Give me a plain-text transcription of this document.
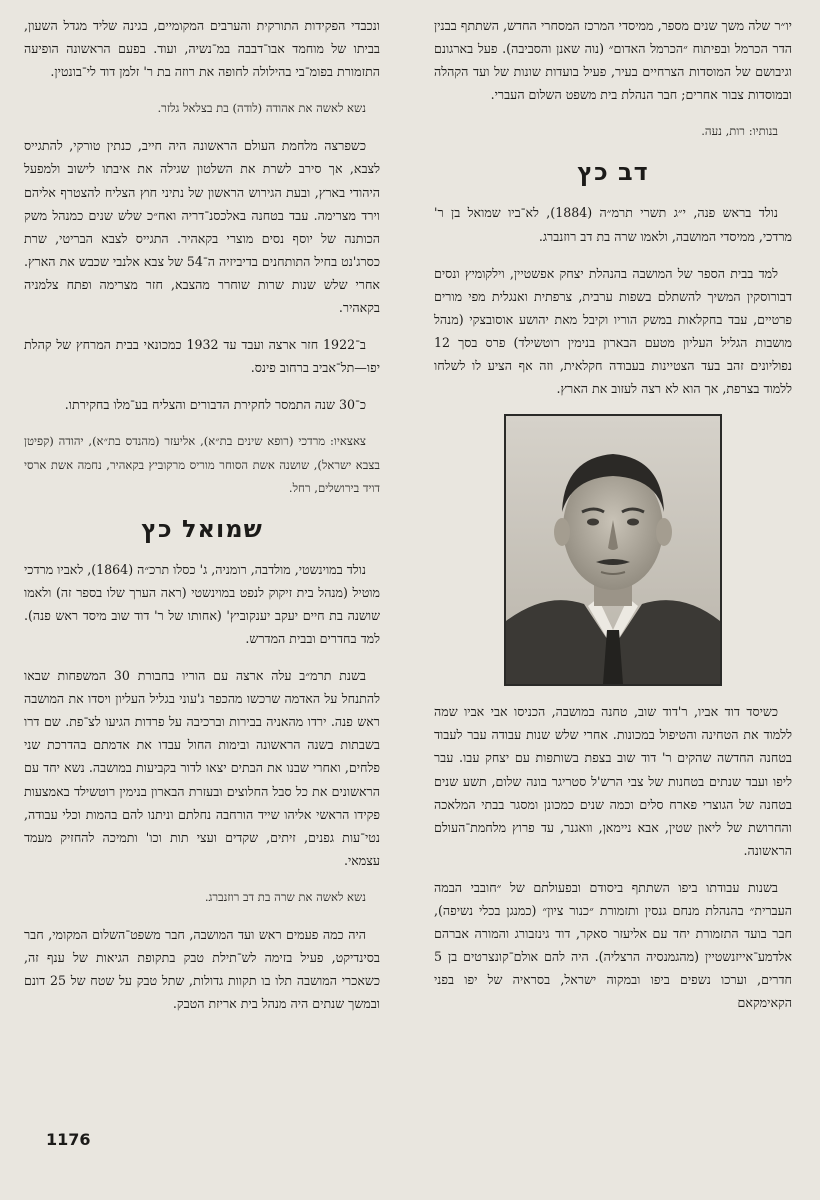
יו״ר שלה משך שנים מספר, ממיסדי המרכז המסחרי החדש, השתתף בבנין הדר הכרמל ובפיתוח ״הכרמל האדום״ (נוה שאנן והסביבה). פעל בארגונם וגיבושם של המוסדות הצרחיים בעיר, פעיל בועדות שונות של ועד הקהלה ובמוסדות צבור אחרים; חבר הנהלת בית משפט השלום העברי.

בנותיו: רות, נעה.

דב כץ

נולד בראש פנה, י״ג תשרי תרמ״ה (1884), לא־ביו שמואל בן ר' מרדכי, ממיסדי המושבה, ולאמו שרה בת דב רוזנברג.

למד בבית הספר של המושבה בהנהלת יצחק אפשטיין, וילקומיץ ונסים דבורוסקין המשיך להשתלם בשפות ערבית, צרפתית ואנגלית מפי מורים פרטיים, עבד בחקלאות במשק הוריו וקיבל מאת יהושע אוסובצקי (מנהל מושבות הגליל העליון מטעם הבארון בנימין רוטשילד) פרס בסך 12 נפוליונים זהב בעד הצטיינות בעבודה חקלאית, וזה אף הציע לו לשלחו ללמוד בצרפת, אך הוא לא רצה לעזוב את הארץ.

כשיסד דוד אביו, ר'דוד שוב, טחנה במושבה, הכניסו אבי אביו שמה ללמוד את הטחינה והטיפול במכונות. אחרי שלש שנות עבודה עבר לעבוד בטחנה החדשה שהקים ר' דוד שוב בצפת בשותפות עם יצחק עבו. עבר ליפו ועבד שנתים בטחנות של צבי הרש'ל סטריגר בונה שלום, תשע שנים בטחנה של הגוצרי פארח סלים וכמה שנים כמכונן ומסגר בבתי המלאכה והחרושת של ליאון שטין, אבא ניימאן, וואגנר, עד פרוץ מלחמת־העולם הראשונה.

בשנות עבודתו ביפו השתתף ביסודם ובפעולתם של ״חובבי הבמה העברית״ בהנהלת מנחם גנסין ותזמורת ״כנור ציון״ (כמנגן בכלי נשיפה), חבר בועד התזמורת יחד עם אליעזר סאקר, דוד גינזבורג והמורה אברהם אלדמע־אייזנשטיין (מהגמנסיה הרצליה). היה להם אולם־קונצרטים בן 5 חדרים, וערכו נשפים ביפו ובמקוה ישראל, בסראיה של יפו בפני הקאימקאם

ונכבדי הפקידות התורקית והערבים המקומיים, בגינה שליד מגדל השעון, בביתו של מוחמד אבו־דבבה במ־נשיה, ועוד. בפעם הראשונה הופיעה התזמורת בפומ־בי בהילולה לחופה את רוזה בת ר' זלמן דוד לי־בונטין.

נשא לאשה את אהודה (לודה) בת בצלאל גלזר.

כשפרצה מלחמת העולם הראשונה היה חייב, כנתין טורקי, להתגייס לצבא, אך סירב לשרת את השלטון שגילה את איבתו לישוב ולמפעל היהודי בארץ, ובעת הגירוש הראשון של נתיני חוץ הצליח להצטרף אליהם וירד מצרימה. עבד בטחנה באלכסנ־דריה ואח״כ שלש שנים כמנהל משק הכותנה של יוסף נסים מוצרי בקאהיר. התגייס לצבא הבריטי, שרת כסרג'נט בחיל התותחנים בדיביזיה ה־54 של צבא אלנבי שכבש את הארץ. אחרי שלש שנות שרות שוחרר מהצבא, חזר מצרימה ופתח צלמניה בקאהיר.

ב־1922 חזר ארצה ועבד עד 1932 כמכונאי בבית המרחץ של קהלת יפו—תל־אביב ברחוב פינס.

כ־30 שנה התמסר לחקירת הדבורים והצליח בע־מלו בחקירתו.

צאצאיו: מרדכי (רופא שינים בת״א), אליעזר (מהנדס בת״א), יהודה (קפיטן בצבא ישראל), שושנה אשת הסוחר מוריס מרקוביץ בקאהיר, נחמה אשת ארסי דויד בירושלים, רחל.

שמואל כץ

נולד במוינשטי, מולדבה, רומניה, ג' כסלו תרכ״ה (1864), לאביו מרדכי מוטיל (מנהל בית זיקוק לנפט במוינשטי (ראה הערך שלו בספר זה) ולאמו שושנה בת חיים יעקב יענקוביץ' (אחותו של ר' דוד שוב מיסד ראש פנה). למד בחדרים ובבית המדרש.

בשנת תרמ״ב עלה ארצה עם הוריו בחבורת 30 המשפחות שבאו להתנחל על האדמה שרכשו מהכפר ג'עוני בגליל העליון ויסדו את המושבה ראש פנה. ירדו מהאניה בבירות וברכיבה על פרדות הגיעו לצ־פת. שם דרו בשבתות בשנה הראשונה ובימות החול עבדו את אדמתם בהדרכת שני פלחים, ואחרי שבנו את הבתים יצאו לדור בקביעות במושבה. נשא יחד עם הראשונים את כל סבל החלוצים ובעזרת הבארון בנימין רוטשילד באמצעות פקידו הראשי אליהו שייד הורחבה נחלתם וניתנו להם בהמות וכלי עבודה, נטי־עות גפנים, זיתים, שקדים ועצי תות וכו' ותמיכה להחזיק מעמד עצמאי.

נשא לאשה את שרה בת דב רוזנברג.

היה כמה פעמים ראש ועד המושבה, חבר משפט־השלום המקומי, חבר בסינדיקט, פעיל בזימה לש־תילת טבק בתקופת הגיאות של ענף זה, כשאכרי המושבה תלו בו תקוות גדולות, שתל טבק על שטח של 25 דונם ובמשך שנתים היה מנהל בית אריזת הטבק.

1176
